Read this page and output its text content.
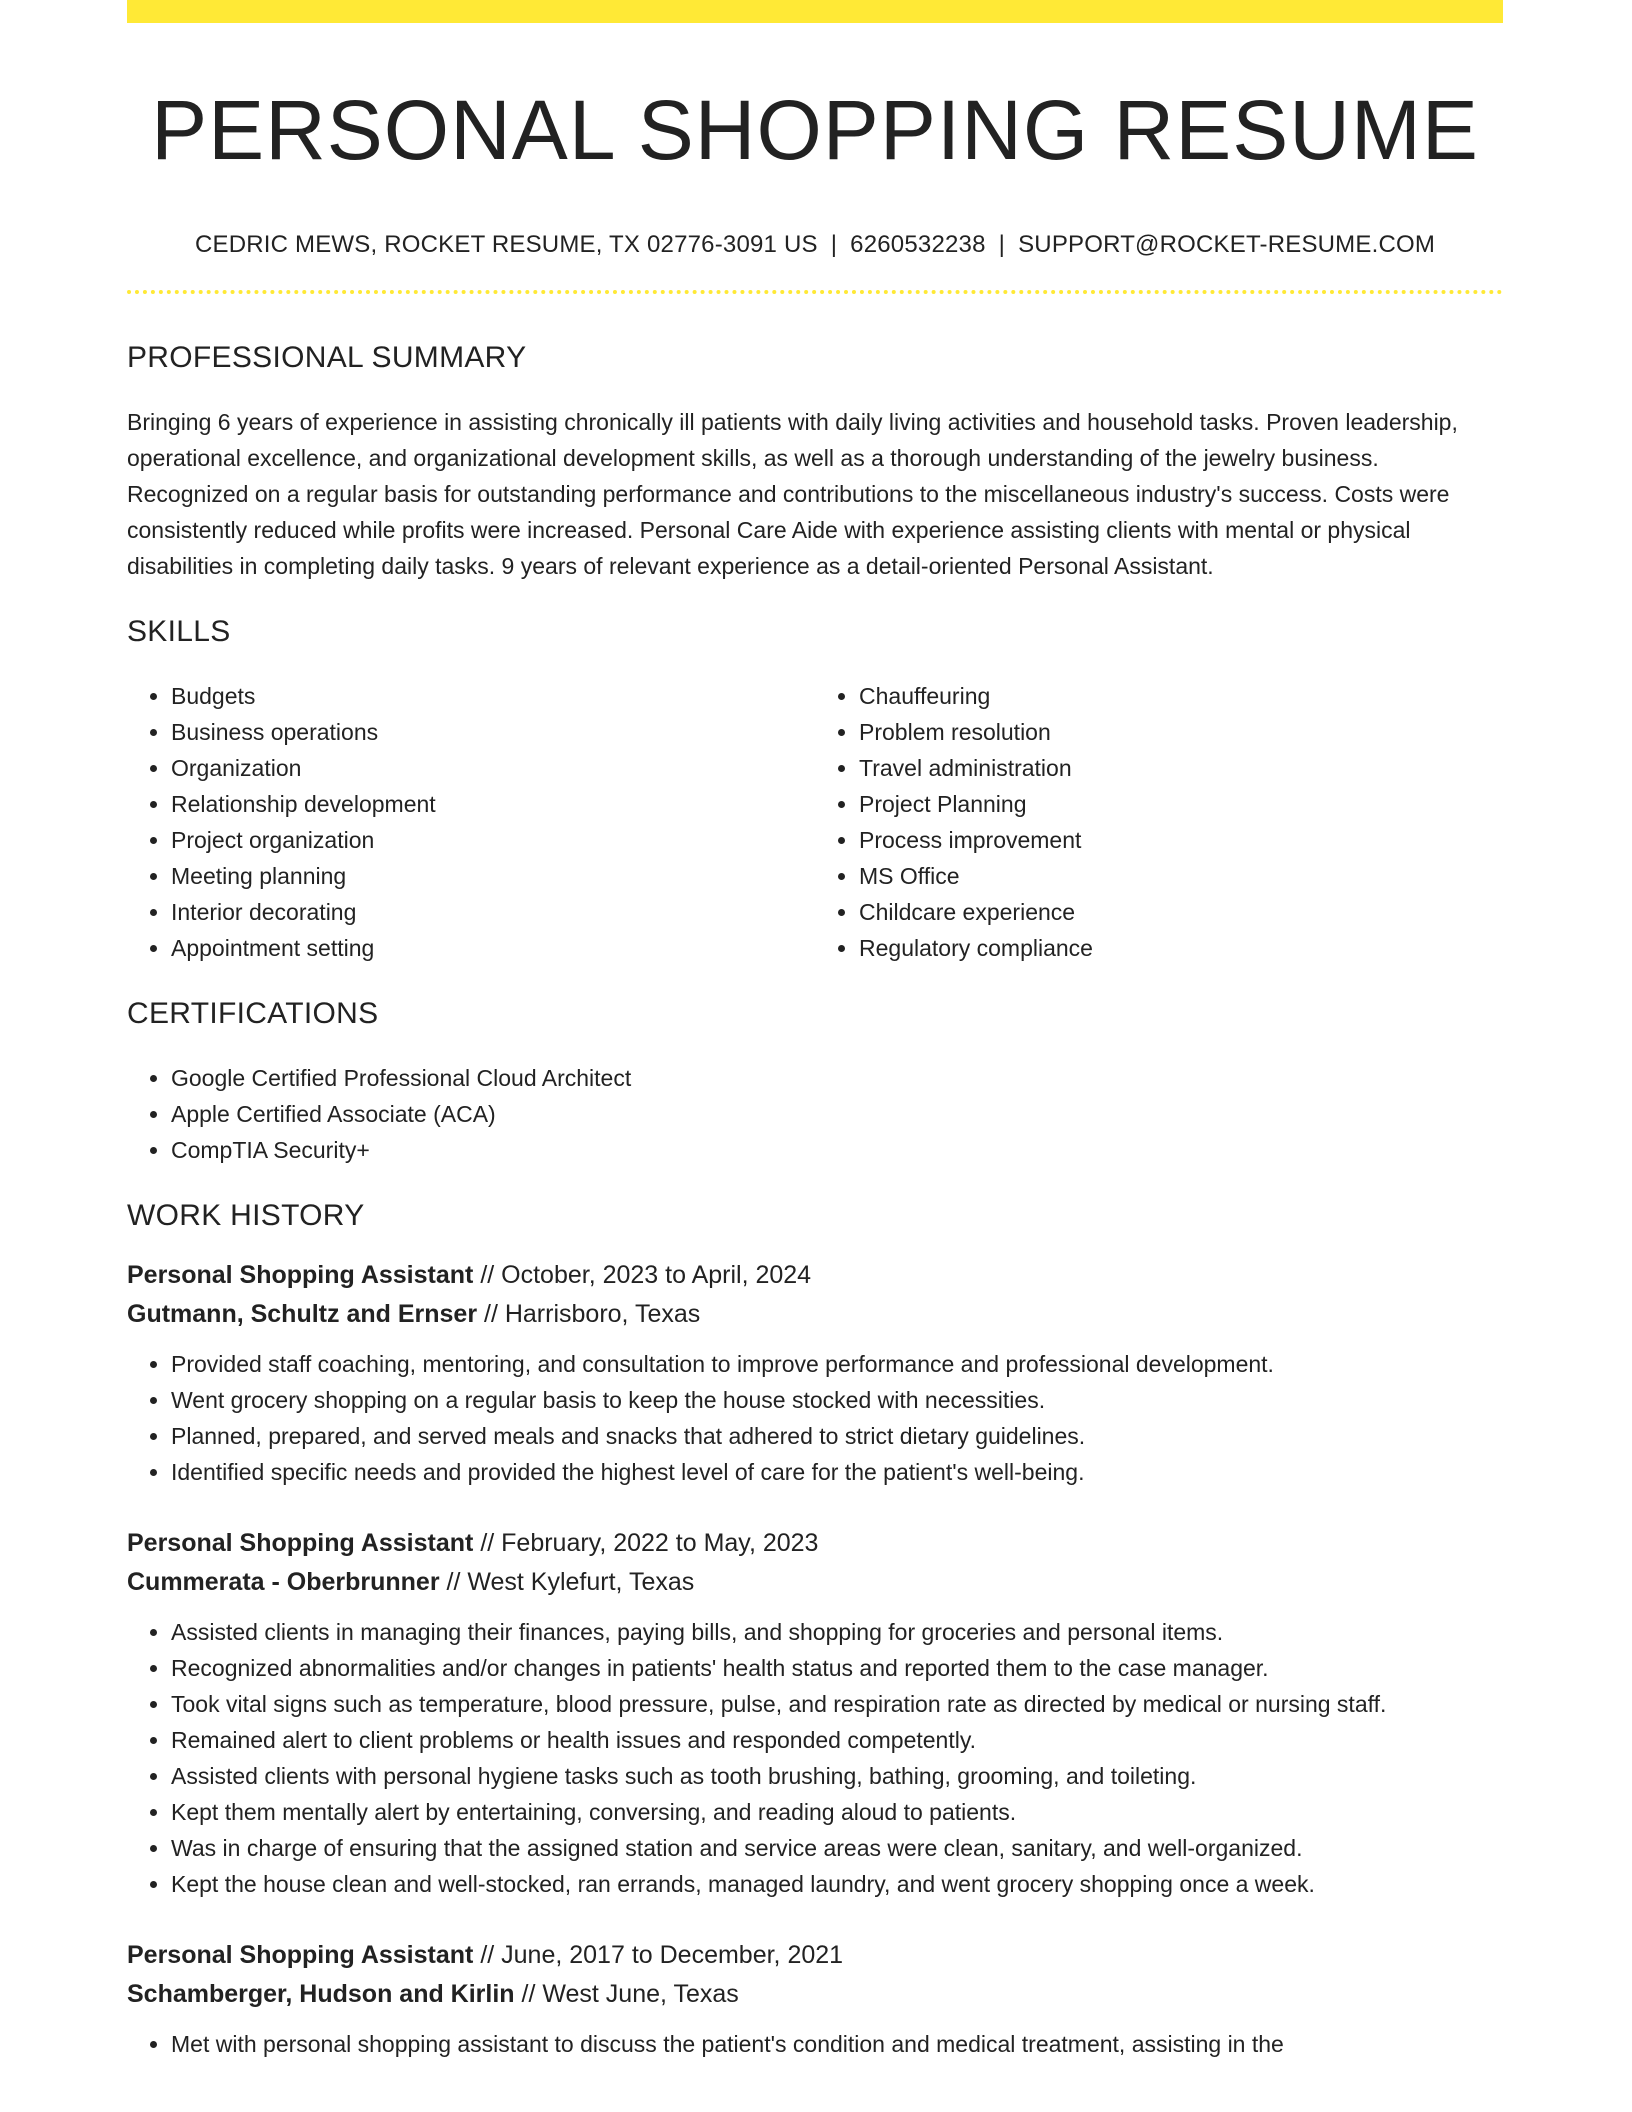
PERSONAL SHOPPING RESUME
CEDRIC MEWS, ROCKET RESUME, TX 02776-3091 US | 6260532238 | SUPPORT@ROCKET-RESUME.COM
PROFESSIONAL SUMMARY

Bringing 6 years of experience in assisting chronically ill patients with daily living activities and household tasks. Proven leadership, operational excellence, and organizational development skills, as well as a thorough understanding of the jewelry business. Recognized on a regular basis for outstanding performance and contributions to the miscellaneous industry's success. Costs were consistently reduced while profits were increased. Personal Care Aide with experience assisting clients with mental or physical disabilities in completing daily tasks. 9 years of relevant experience as a detail-oriented Personal Assistant.

SKILLS
• Budgets
• Business operations
• Organization
• Relationship development
• Project organization
• Meeting planning
• Interior decorating
• Appointment setting
• Chauffeuring
• Problem resolution
• Travel administration
• Project Planning
• Process improvement
• MS Office
• Childcare experience
• Regulatory compliance
CERTIFICATIONS
• Google Certified Professional Cloud Architect
• Apple Certified Associate (ACA)
• CompTIA Security+
WORK HISTORY
Personal Shopping Assistant // October, 2023 to April, 2024
Gutmann, Schultz and Ernser // Harrisboro, Texas
• Provided staff coaching, mentoring, and consultation to improve performance and professional development.
• Went grocery shopping on a regular basis to keep the house stocked with necessities.
• Planned, prepared, and served meals and snacks that adhered to strict dietary guidelines.
• Identified specific needs and provided the highest level of care for the patient's well-being.
Personal Shopping Assistant // February, 2022 to May, 2023
Cummerata - Oberbrunner // West Kylefurt, Texas
• Assisted clients in managing their finances, paying bills, and shopping for groceries and personal items.
• Recognized abnormalities and/or changes in patients' health status and reported them to the case manager.
• Took vital signs such as temperature, blood pressure, pulse, and respiration rate as directed by medical or nursing staff.
• Remained alert to client problems or health issues and responded competently.
• Assisted clients with personal hygiene tasks such as tooth brushing, bathing, grooming, and toileting.
• Kept them mentally alert by entertaining, conversing, and reading aloud to patients.
• Was in charge of ensuring that the assigned station and service areas were clean, sanitary, and well-organized.
• Kept the house clean and well-stocked, ran errands, managed laundry, and went grocery shopping once a week.
Personal Shopping Assistant // June, 2017 to December, 2021
Schamberger, Hudson and Kirlin // West June, Texas
• Met with personal shopping assistant to discuss the patient's condition and medical treatment, assisting in the
